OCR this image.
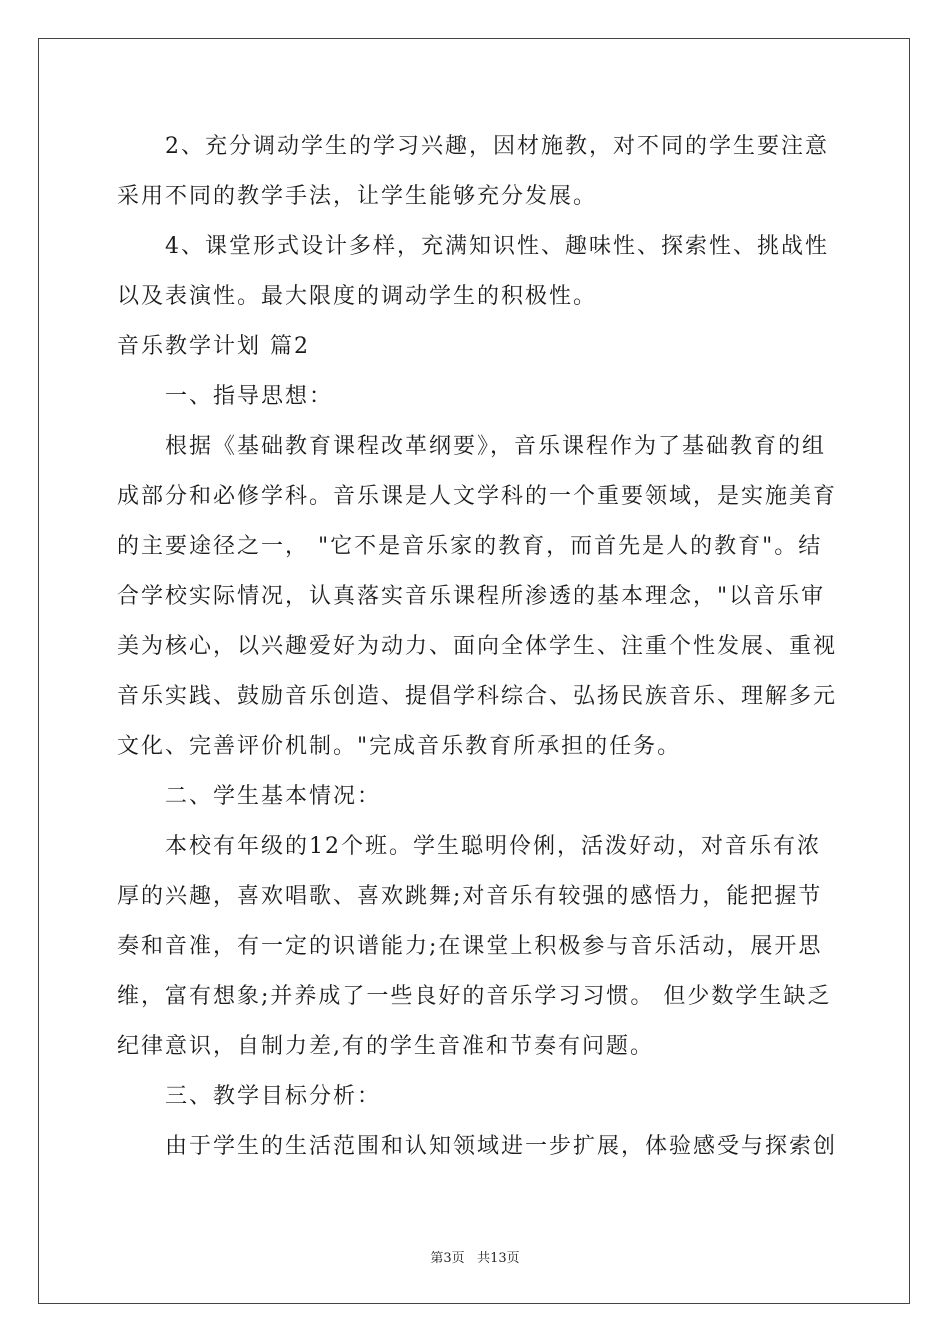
2、充分调动学生的学习兴趣，因材施教，对不同的学生要注意
采用不同的教学手法，让学生能够充分发展。

4、课堂形式设计多样，充满知识性、趣味性、探索性、挑战性
以及表演性。最大限度的调动学生的积极性。

音乐教学计划 篇2

一、指导思想：

根据《基础教育课程改革纲要》，音乐课程作为了基础教育的组
成部分和必修学科。音乐课是人文学科的一个重要领域，是实施美育
的主要途径之一， "它不是音乐家的教育，而首先是人的教育"。结
合学校实际情况，认真落实音乐课程所渗透的基本理念，"以音乐审
美为核心，以兴趣爱好为动力、面向全体学生、注重个性发展、重视
音乐实践、鼓励音乐创造、提倡学科综合、弘扬民族音乐、理解多元
文化、完善评价机制。"完成音乐教育所承担的任务。

二、学生基本情况：

本校有年级的12个班。学生聪明伶俐，活泼好动，对音乐有浓
厚的兴趣，喜欢唱歌、喜欢跳舞;对音乐有较强的感悟力，能把握节
奏和音准，有一定的识谱能力;在课堂上积极参与音乐活动，展开思
维，富有想象;并养成了一些良好的音乐学习习惯。 但少数学生缺乏
纪律意识，自制力差,有的学生音准和节奏有问题。

三、教学目标分析：

由于学生的生活范围和认知领域进一步扩展，体验感受与探索创

第3页 共13页
